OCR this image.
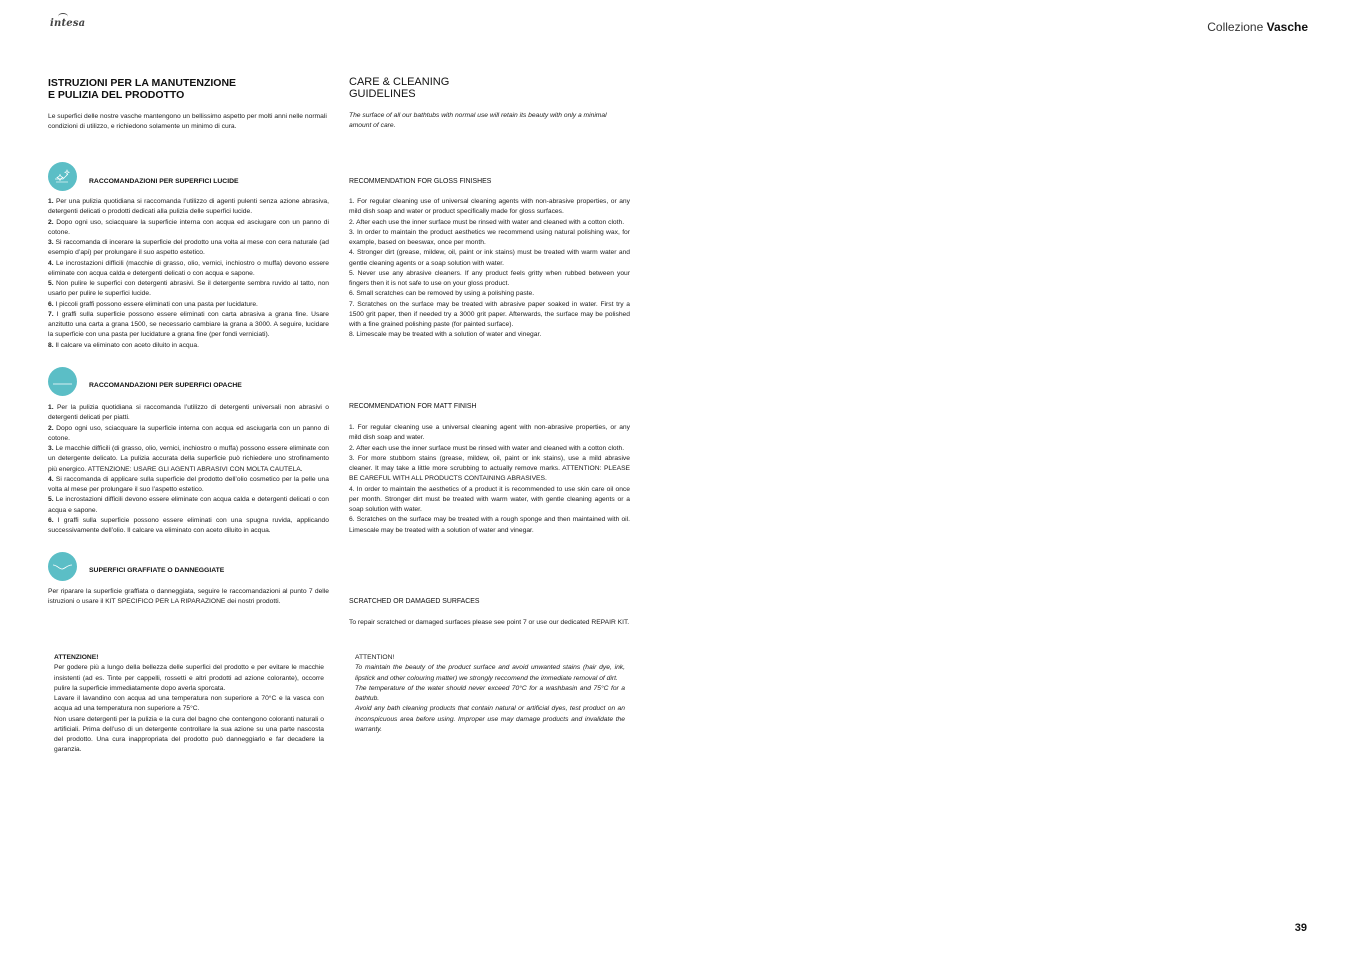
intesa	Collezione Vasche
ISTRUZIONI PER LA MANUTENZIONE
E PULIZIA DEL PRODOTTO
CARE & CLEANING
GUIDELINES
Le superfici delle nostre vasche mantengono un bellissimo aspetto per molti anni nelle normali condizioni di utilizzo, e richiedono solamente un minimo di cura.
The surface of all our bathtubs with normal use will retain its beauty with only a minimal amount of care.
RACCOMANDAZIONI PER SUPERFICI LUCIDE	RECOMMENDATION FOR GLOSS FINISHES

1. Per una pulizia quotidiana si raccomanda l’utilizzo di agenti pulenti senza azione abrasiva, detergenti delicati o prodotti dedicati alla pulizia delle superfici lucide.

2. Dopo ogni uso, sciacquare la superficie interna con acqua ed asciugare con un panno di cotone.

3. Si raccomanda di incerare la superficie del prodotto una volta al mese con cera naturale (ad esempio d’api) per prolungare il suo aspetto estetico.

4. Le incrostazioni difficili (macchie di grasso, olio, vernici, inchiostro o muffa) devono essere eliminate con acqua calda e detergenti delicati o con acqua e sapone.

5. Non pulire le superfici con detergenti abrasivi. Se il detergente sembra ruvido al tatto, non usarlo per pulire le superfici lucide.

6. I piccoli graffi possono essere eliminati con una pasta per lucidature.

7. I graffi sulla superficie possono essere eliminati con carta abrasiva a grana fine. Usare anzitutto una carta a grana 1500, se necessario cambiare la grana a 3000. A seguire, lucidare la superficie con una pasta per lucidature a grana fine (per fondi verniciati).

8. Il calcare va eliminato con aceto diluito in acqua.

1. For regular cleaning use of universal cleaning agents with non-abrasive properties, or any mild dish soap and water or product specifically made for gloss surfaces.

2. After each use the inner surface must be rinsed with water and cleaned with a cotton cloth.

3. In order to maintain the product aesthetics we recommend using natural polishing wax, for example, based on beeswax, once per month.

4. Stronger dirt (grease, mildew, oil, paint or ink stains) must be treated with warm water and gentle cleaning agents or a soap solution with water.

5. Never use any abrasive cleaners. If any product feels gritty when rubbed between your fingers then it is not safe to use on your gloss product.

6. Small scratches can be removed by using a polishing paste.

7. Scratches on the surface may be treated with abrasive paper soaked in water. First try a 1500 grit paper, then if needed try a 3000 grit paper. Afterwards, the surface may be polished with a fine grained polishing paste (for painted surface).

8. Limescale may be treated with a solution of water and vinegar.

RACCOMANDAZIONI PER SUPERFICI OPACHE
RECOMMENDATION FOR MATT FINISH

1. Per la pulizia quotidiana si raccomanda l’utilizzo di detergenti universali non abrasivi o detergenti delicati per piatti.

2. Dopo ogni uso, sciacquare la superficie interna con acqua ed asciugarla con un panno di cotone.

3. Le macchie difficili (di grasso, olio, vernici, inchiostro o muffa) possono essere eliminate con un detergente delicato. La pulizia accurata della superficie può richiedere uno strofinamento più energico. ATTENZIONE: USARE GLI AGENTI ABRASIVI CON MOLTA CAUTELA.

4. Si raccomanda di applicare sulla superficie del prodotto dell’olio cosmetico per la pelle una volta al mese per prolungare il suo l’aspetto estetico.

5. Le incrostazioni difficili devono essere eliminate con acqua calda e detergenti delicati o con acqua e sapone.

6. I graffi sulla superficie possono essere eliminati con una spugna ruvida, applicando successivamente dell’olio. Il calcare va eliminato con aceto diluito in acqua.

1. For regular cleaning use a universal cleaning agent with non-abrasive properties, or any mild dish soap and water.

2. After each use the inner surface must be rinsed with water and cleaned with a cotton cloth.

3. For more stubborn stains (grease, mildew, oil, paint or ink stains), use a mild abrasive cleaner. It may take a little more scrubbing to actually remove marks. ATTENTION: PLEASE BE CAREFUL WITH ALL PRODUCTS CONTAINING ABRASIVES.

4. In order to maintain the aesthetics of a product it is recommended to use skin care oil once per month. Stronger dirt must be treated with warm water, with gentle cleaning agents or a soap solution with water.

6. Scratches on the surface may be treated with a rough sponge and then maintained with oil. Limescale may be treated with a solution of water and vinegar.

SUPERFICI GRAFFIATE O DANNEGGIATE
Per riparare la superficie graffiata o danneggiata, seguire le raccomandazioni al punto 7 delle istruzioni o usare il KIT SPECIFICO PER LA RIPARAZIONE dei nostri prodotti.	SCRATCHED OR DAMAGED SURFACES
To repair scratched or damaged surfaces please see point 7 or use our dedicated REPAIR KIT.

ATTENZIONE!

Per godere più a lungo della bellezza delle superfici del prodotto e per evitare le macchie insistenti (ad es. Tinte per cappelli, rossetti e altri prodotti ad azione colorante), occorre pulire la superficie immediatamente dopo averla sporcata.

Lavare il lavandino con acqua ad una temperatura non superiore a 70°C e la vasca con acqua ad una temperatura non superiore a 75°C.

Non usare detergenti per la pulizia e la cura del bagno che contengono coloranti naturali o artificiali. Prima dell’uso di un detergente controllare la sua azione su una parte nascosta del prodotto. Una cura inappropriata del prodotto può danneggiarlo e far decadere la garanzia.

ATTENTION!

To maintain the beauty of the product surface and avoid unwanted stains (hair dye, ink, lipstick and other colouring matter) we strongly reccomend the immediate removal of dirt.

The temperature of the water should never exceed 70°C for a washbasin and 75°C for a bathtub.

Avoid any bath cleaning products that contain natural or artificial dyes, test product on an inconspicuous area before using. Improper use may damage products and invalidate the warranty.

39
